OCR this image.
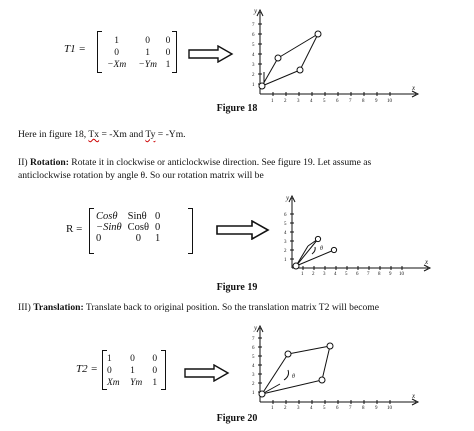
T1 =
1	0	0
0	1	0
−Xm	−Ym	1
1 2 3 4 5 6 7 8 9 10
1
2
3
4
5
6
7
y
x
Figure 18
Here in figure 18, Tx = -Xm and Ty = -Ym.
II) Rotation: Rotate it in clockwise or anticlockwise direction. See figure 19. Let assume as
anticlockwise rotation by angle θ. So our rotation matrix will be
R =
Cosθ	Sinθ	0
−Sinθ	Cosθ	0
0	0	1
1 2 3 4 5 6 7 8 9 10
1
2
3
4
5
6
y
x
θ
Figure 19
III) Translation: Translate back to original position. So the translation matrix T2 will become
T2 =
1	0	0
0	1	0
Xm	Ym	1
1 2 3 4 5 6 7 8 9 10
1
2
3
4
5
6
7
y
x
θ
Figure 20
